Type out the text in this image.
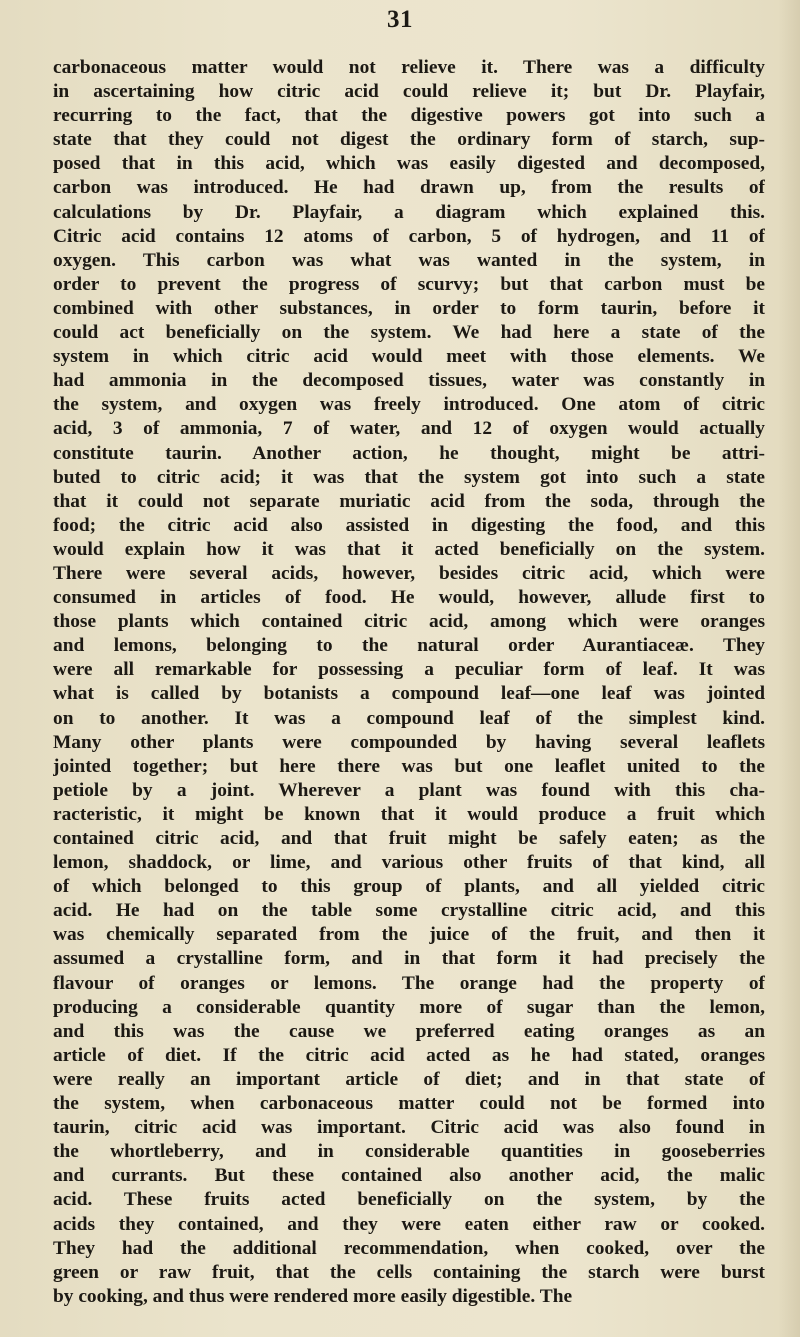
31
carbonaceous matter would not relieve it. There was a difficulty
in ascertaining how citric acid could relieve it; but Dr. Playfair,
recurring to the fact, that the digestive powers got into such a
state that they could not digest the ordinary form of starch, sup-
posed that in this acid, which was easily digested and decomposed,
carbon was introduced. He had drawn up, from the results of
calculations by Dr. Playfair, a diagram which explained this.
Citric acid contains 12 atoms of carbon, 5 of hydrogen, and 11 of
oxygen. This carbon was what was wanted in the system, in
order to prevent the progress of scurvy; but that carbon must be
combined with other substances, in order to form taurin, before it
could act beneficially on the system. We had here a state of the
system in which citric acid would meet with those elements. We
had ammonia in the decomposed tissues, water was constantly in
the system, and oxygen was freely introduced. One atom of citric
acid, 3 of ammonia, 7 of water, and 12 of oxygen would actually
constitute taurin. Another action, he thought, might be attri-
buted to citric acid; it was that the system got into such a state
that it could not separate muriatic acid from the soda, through the
food; the citric acid also assisted in digesting the food, and this
would explain how it was that it acted beneficially on the system.
There were several acids, however, besides citric acid, which were
consumed in articles of food. He would, however, allude first to
those plants which contained citric acid, among which were oranges
and lemons, belonging to the natural order Aurantiaceæ. They
were all remarkable for possessing a peculiar form of leaf. It was
what is called by botanists a compound leaf—one leaf was jointed
on to another. It was a compound leaf of the simplest kind.
Many other plants were compounded by having several leaflets
jointed together; but here there was but one leaflet united to the
petiole by a joint. Wherever a plant was found with this cha-
racteristic, it might be known that it would produce a fruit which
contained citric acid, and that fruit might be safely eaten; as the
lemon, shaddock, or lime, and various other fruits of that kind, all
of which belonged to this group of plants, and all yielded citric
acid. He had on the table some crystalline citric acid, and this
was chemically separated from the juice of the fruit, and then it
assumed a crystalline form, and in that form it had precisely the
flavour of oranges or lemons. The orange had the property of
producing a considerable quantity more of sugar than the lemon,
and this was the cause we preferred eating oranges as an
article of diet. If the citric acid acted as he had stated, oranges
were really an important article of diet; and in that state of
the system, when carbonaceous matter could not be formed into
taurin, citric acid was important. Citric acid was also found in
the whortleberry, and in considerable quantities in gooseberries
and currants. But these contained also another acid, the malic
acid. These fruits acted beneficially on the system, by the
acids they contained, and they were eaten either raw or cooked.
They had the additional recommendation, when cooked, over the
green or raw fruit, that the cells containing the starch were burst
by cooking, and thus were rendered more easily digestible. The
